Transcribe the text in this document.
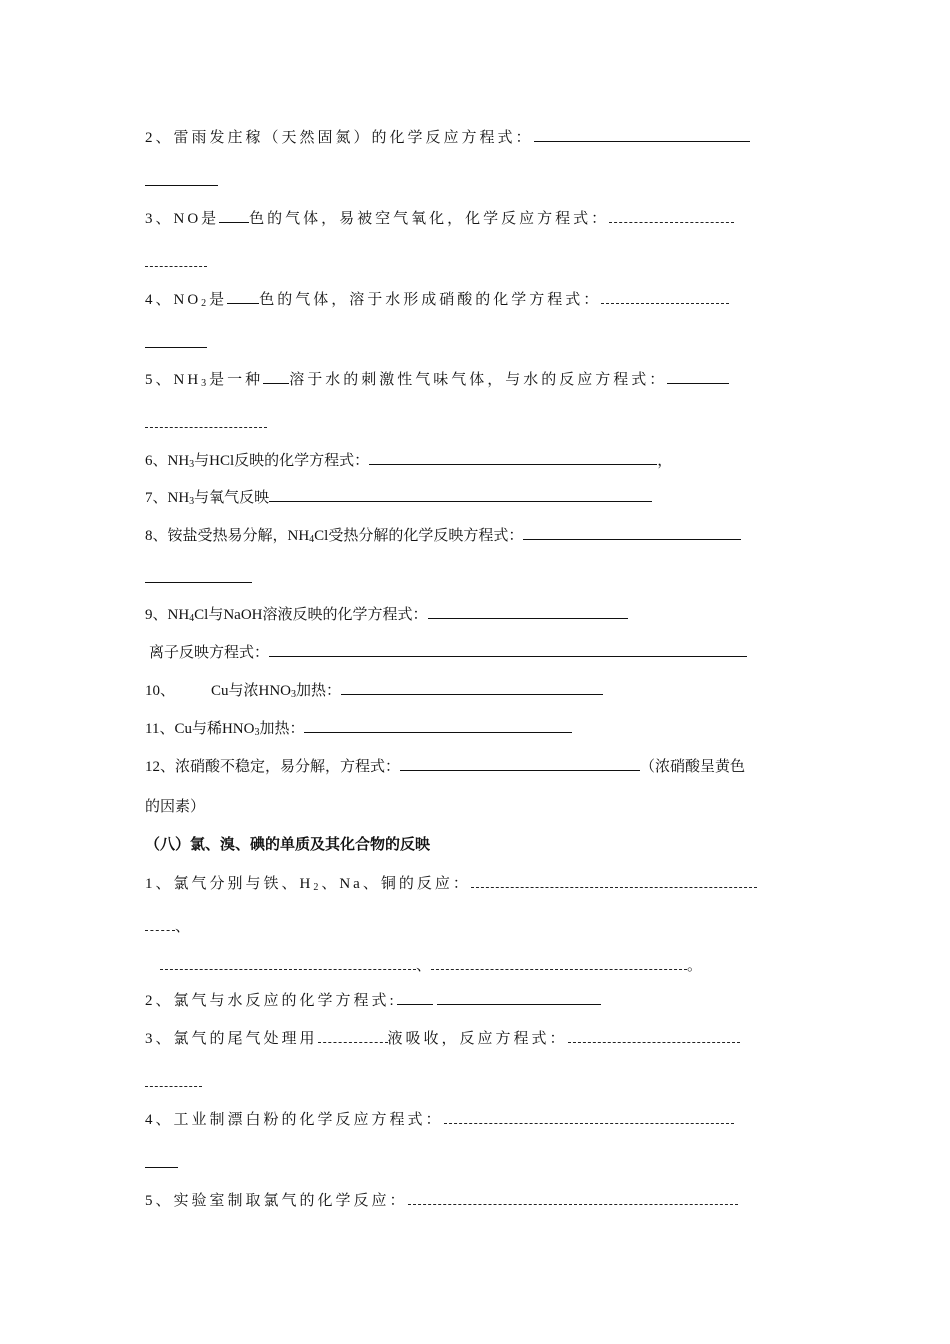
2、雷雨发庄稼（天然固氮）的化学反应方程式：
3、NO是 色的气体，易被空气氧化，化学反应方程式：
4、$NO_2$是 色的气体，溶于水形成硝酸的化学方程式：
5、$NH_3$是一种 溶于水的刺激性气味气体，与水的反应方程式：
6、$NH_3$与HCl反映的化学方程式：	，
7、$NH_3$与氧气反映
8、铵盐受热易分解，$NH_4Cl$受热分解的化学反映方程式：
9、$NH_4Cl$与NaOH溶液反映的化学方程式：
离子反映方程式：
10、 Cu与浓$HNO_3$加热：
11、Cu与稀$HNO_3$加热：
12、浓硝酸不稳定，易分解，方程式：	（浓硝酸呈黄色
的因素）
（八）氯、溴、碘的单质及其化合物的反映
1、氯气分别与铁、$H_2$、Na、铜的反应：
、
、	。
2、氯气与水反应的化学方程式:
3、氯气的尾气处理用	液吸收，反应方程式：
4、工业制漂白粉的化学反应方程式：
5、实验室制取氯气的化学反应：
